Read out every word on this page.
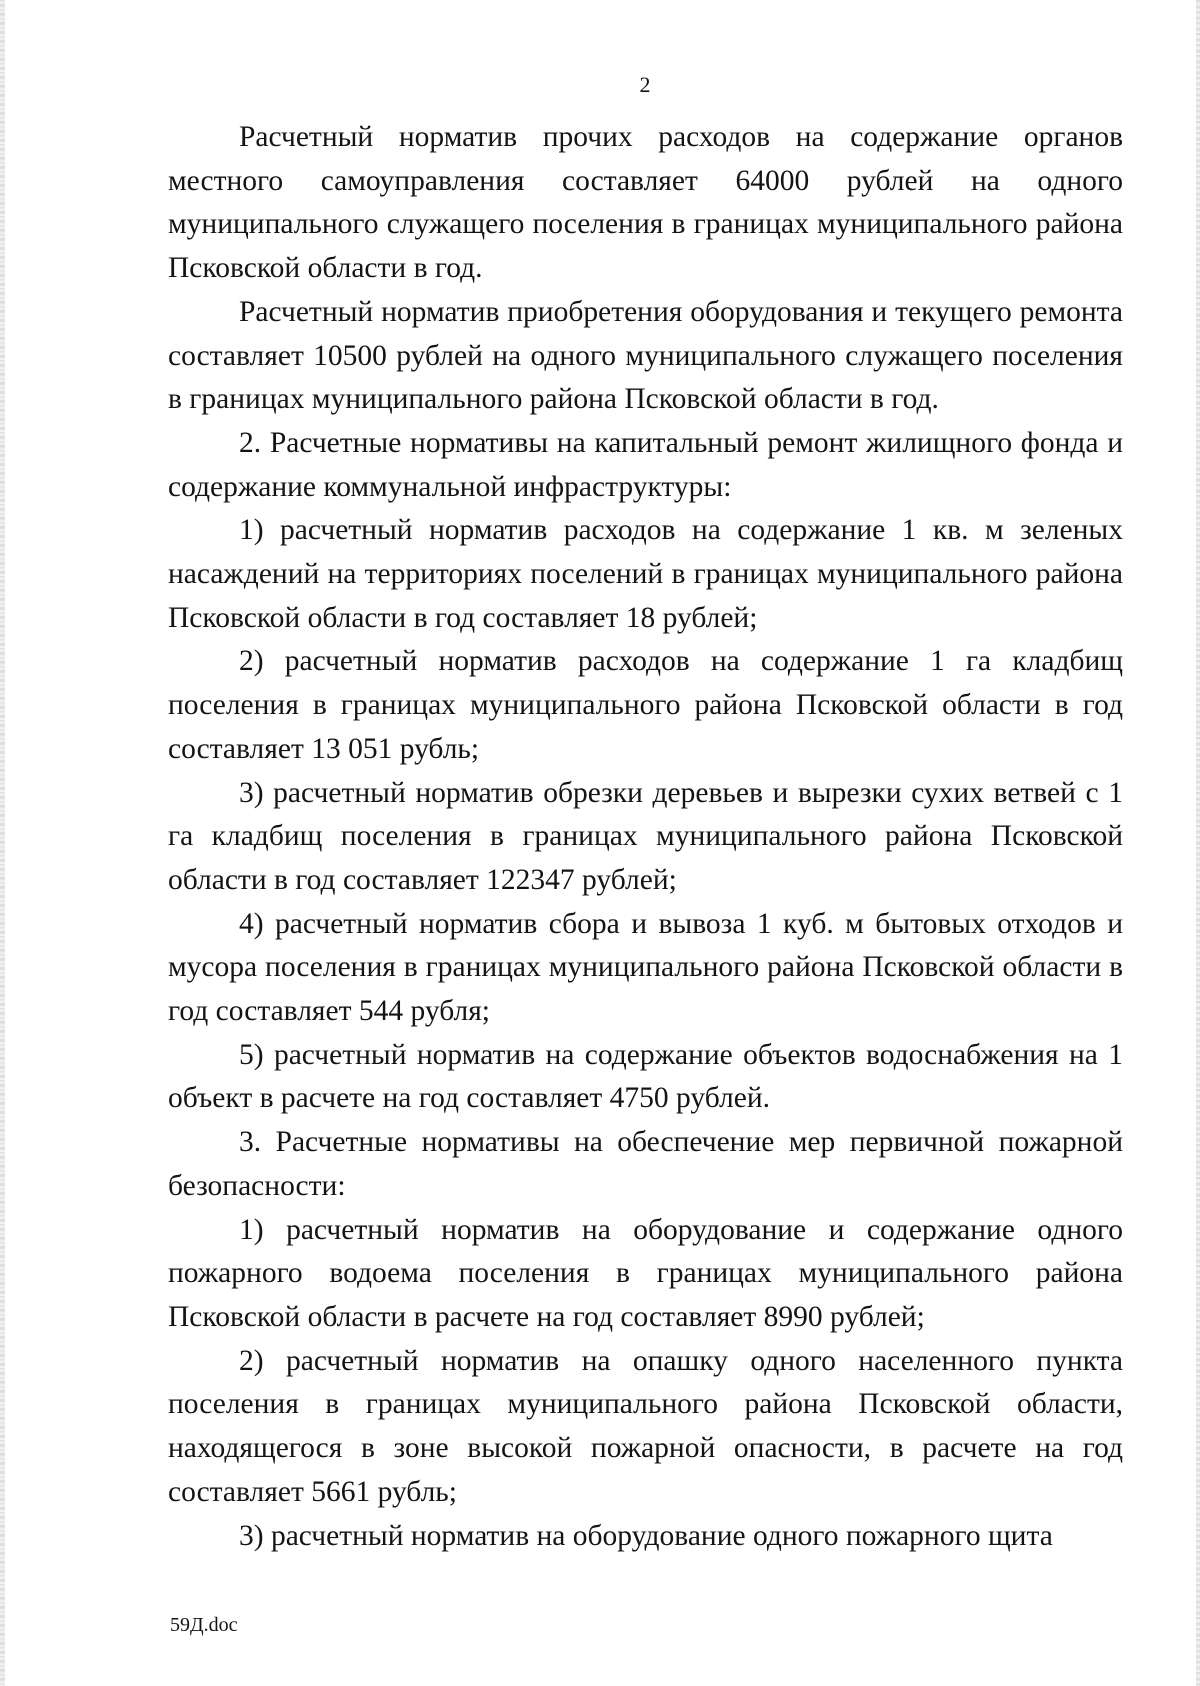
2

Расчетный норматив прочих расходов на содержание органов местного самоуправления составляет 64000 рублей на одного муниципального служащего поселения в границах муниципального района Псковской области в год.

Расчетный норматив приобретения оборудования и текущего ремонта составляет 10500 рублей на одного муниципального служащего поселения в границах муниципального района Псковской области в год.

2. Расчетные нормативы на капитальный ремонт жилищного фонда и содержание коммунальной инфраструктуры:

1) расчетный норматив расходов на содержание 1 кв. м зеленых насаждений на территориях поселений в границах муниципального района Псковской области в год составляет 18 рублей;

2) расчетный норматив расходов на содержание 1 га кладбищ поселения в границах муниципального района Псковской области в год составляет 13 051 рубль;

3) расчетный норматив обрезки деревьев и вырезки сухих ветвей с 1 га кладбищ поселения в границах муниципального района Псковской области в год составляет 122347 рублей;

4) расчетный норматив сбора и вывоза 1 куб. м бытовых отходов и мусора поселения в границах муниципального района Псковской области в год составляет 544 рубля;

5) расчетный норматив на содержание объектов водоснабжения на 1 объект в расчете на год составляет 4750 рублей.

3. Расчетные нормативы на обеспечение мер первичной пожарной безопасности:

1) расчетный норматив на оборудование и содержание одного пожарного водоема поселения в границах муниципального района Псковской области в расчете на год составляет 8990 рублей;

2) расчетный норматив на опашку одного населенного пункта поселения в границах муниципального района Псковской области, находящегося в зоне высокой пожарной опасности, в расчете на год составляет 5661 рубль;

3) расчетный норматив на оборудование одного пожарного щита

59Д.doc
